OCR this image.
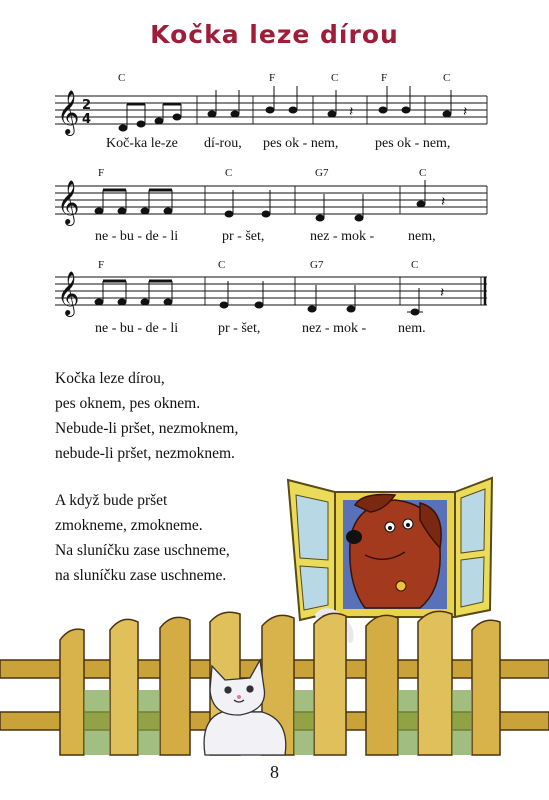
Kočka leze dírou
𝄞
𝄞
𝄞
2
4	𝄽	𝄽
𝄽
𝄽
C	F	C	F	C
Koč-ka le-ze dí-rou, pes ok - nem,	pes ok - nem,
F	C	G7	C
ne - bu - de - li	pr - šet,	nez - mok - nem,
F	C	G7	C
ne - bu - de - li	pr - šet,	nez - mok - nem.
Kočka leze dírou,
pes oknem, pes oknem.
Nebude-li pršet, nezmoknem,
nebude-li pršet, nezmoknem.
A když bude pršet
zmokneme, zmokneme.
Na sluníčku zase uschneme,
na sluníčku zase uschneme.
8
